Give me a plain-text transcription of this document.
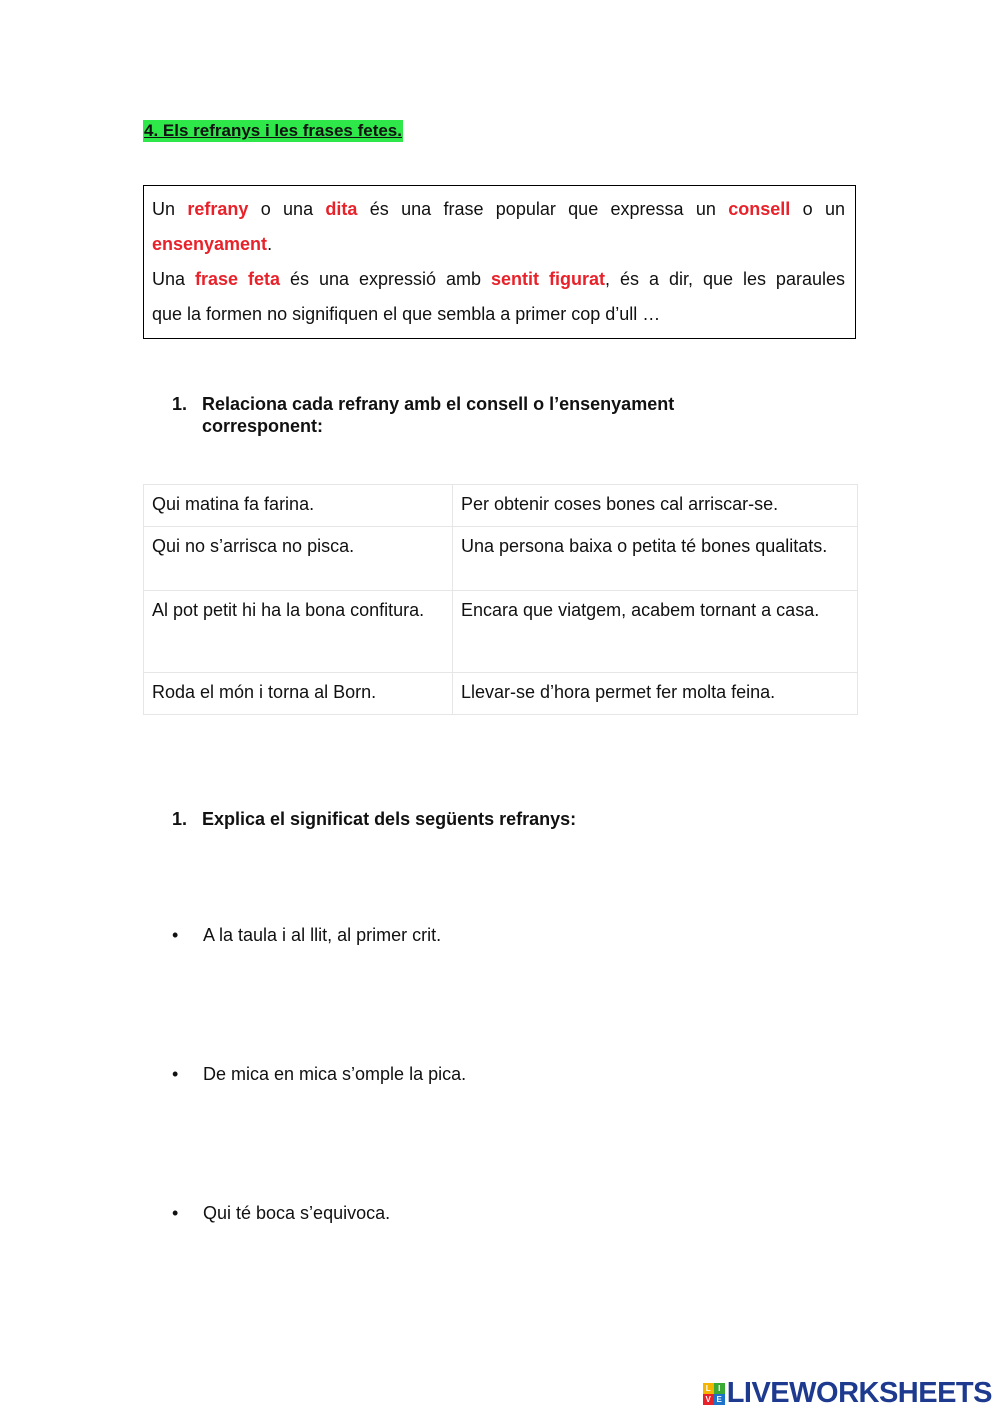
4. Els refranys i les frases fetes.

Un refrany o una dita és una frase popular que expressa un consell o un

ensenyament.

Una frase feta és una expressió amb sentit figurat, és a dir, que les paraules

que la formen no signifiquen el que sembla a primer cop d’ull …

1. Relaciona cada refrany amb el consell o l’ensenyament corresponent:
Qui matina fa farina.	Per obtenir coses bones cal arriscar-se.
Qui no s’arrisca no pisca.	Una persona baixa o petita té bones qualitats.
Al pot petit hi ha la bona confitura.	Encara que viatgem, acabem tornant a casa.
Roda el món i torna al Born.	Llevar-se d’hora permet fer molta feina.
1. Explica el significat dels següents refranys:
•	A la taula i al llit, al primer crit.
•	De mica en mica s’omple la pica.
•	Qui té boca s’equivoca.
L I
V E LIVEWORKSHEETS
